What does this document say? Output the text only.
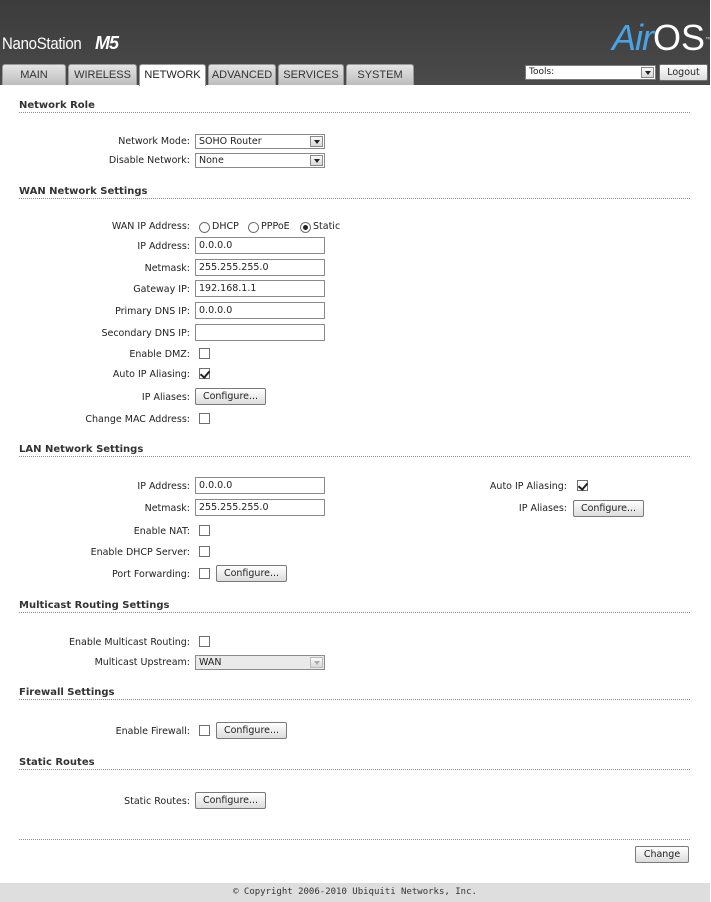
NanoStation M5	AirOS ™
MAIN	WIRELESS	NETWORK	ADVANCED	SERVICES	SYSTEM	Tools:	Logout
Network Role
Network Mode: SOHO Router
Disable Network: None
WAN Network Settings
WAN IP Address: DHCP PPPoE Static
IP Address: 0.0.0.0
Netmask: 255.255.255.0
Gateway IP: 192.168.1.1
Primary DNS IP: 0.0.0.0
Secondary DNS IP:
Enable DMZ:
Auto IP Aliasing:
IP Aliases:	Configure...
Change MAC Address:
LAN Network Settings
IP Address: 0.0.0.0
Netmask: 255.255.255.0
Enable NAT:
Enable DHCP Server:
Port Forwarding:	Configure...
Auto IP Aliasing:
IP Aliases:	Configure...
Multicast Routing Settings
Enable Multicast Routing:
Multicast Upstream: WAN
Firewall Settings
Enable Firewall:	Configure...
Static Routes
Static Routes:	Configure...
Change
© Copyright 2006-2010 Ubiquiti Networks, Inc.
